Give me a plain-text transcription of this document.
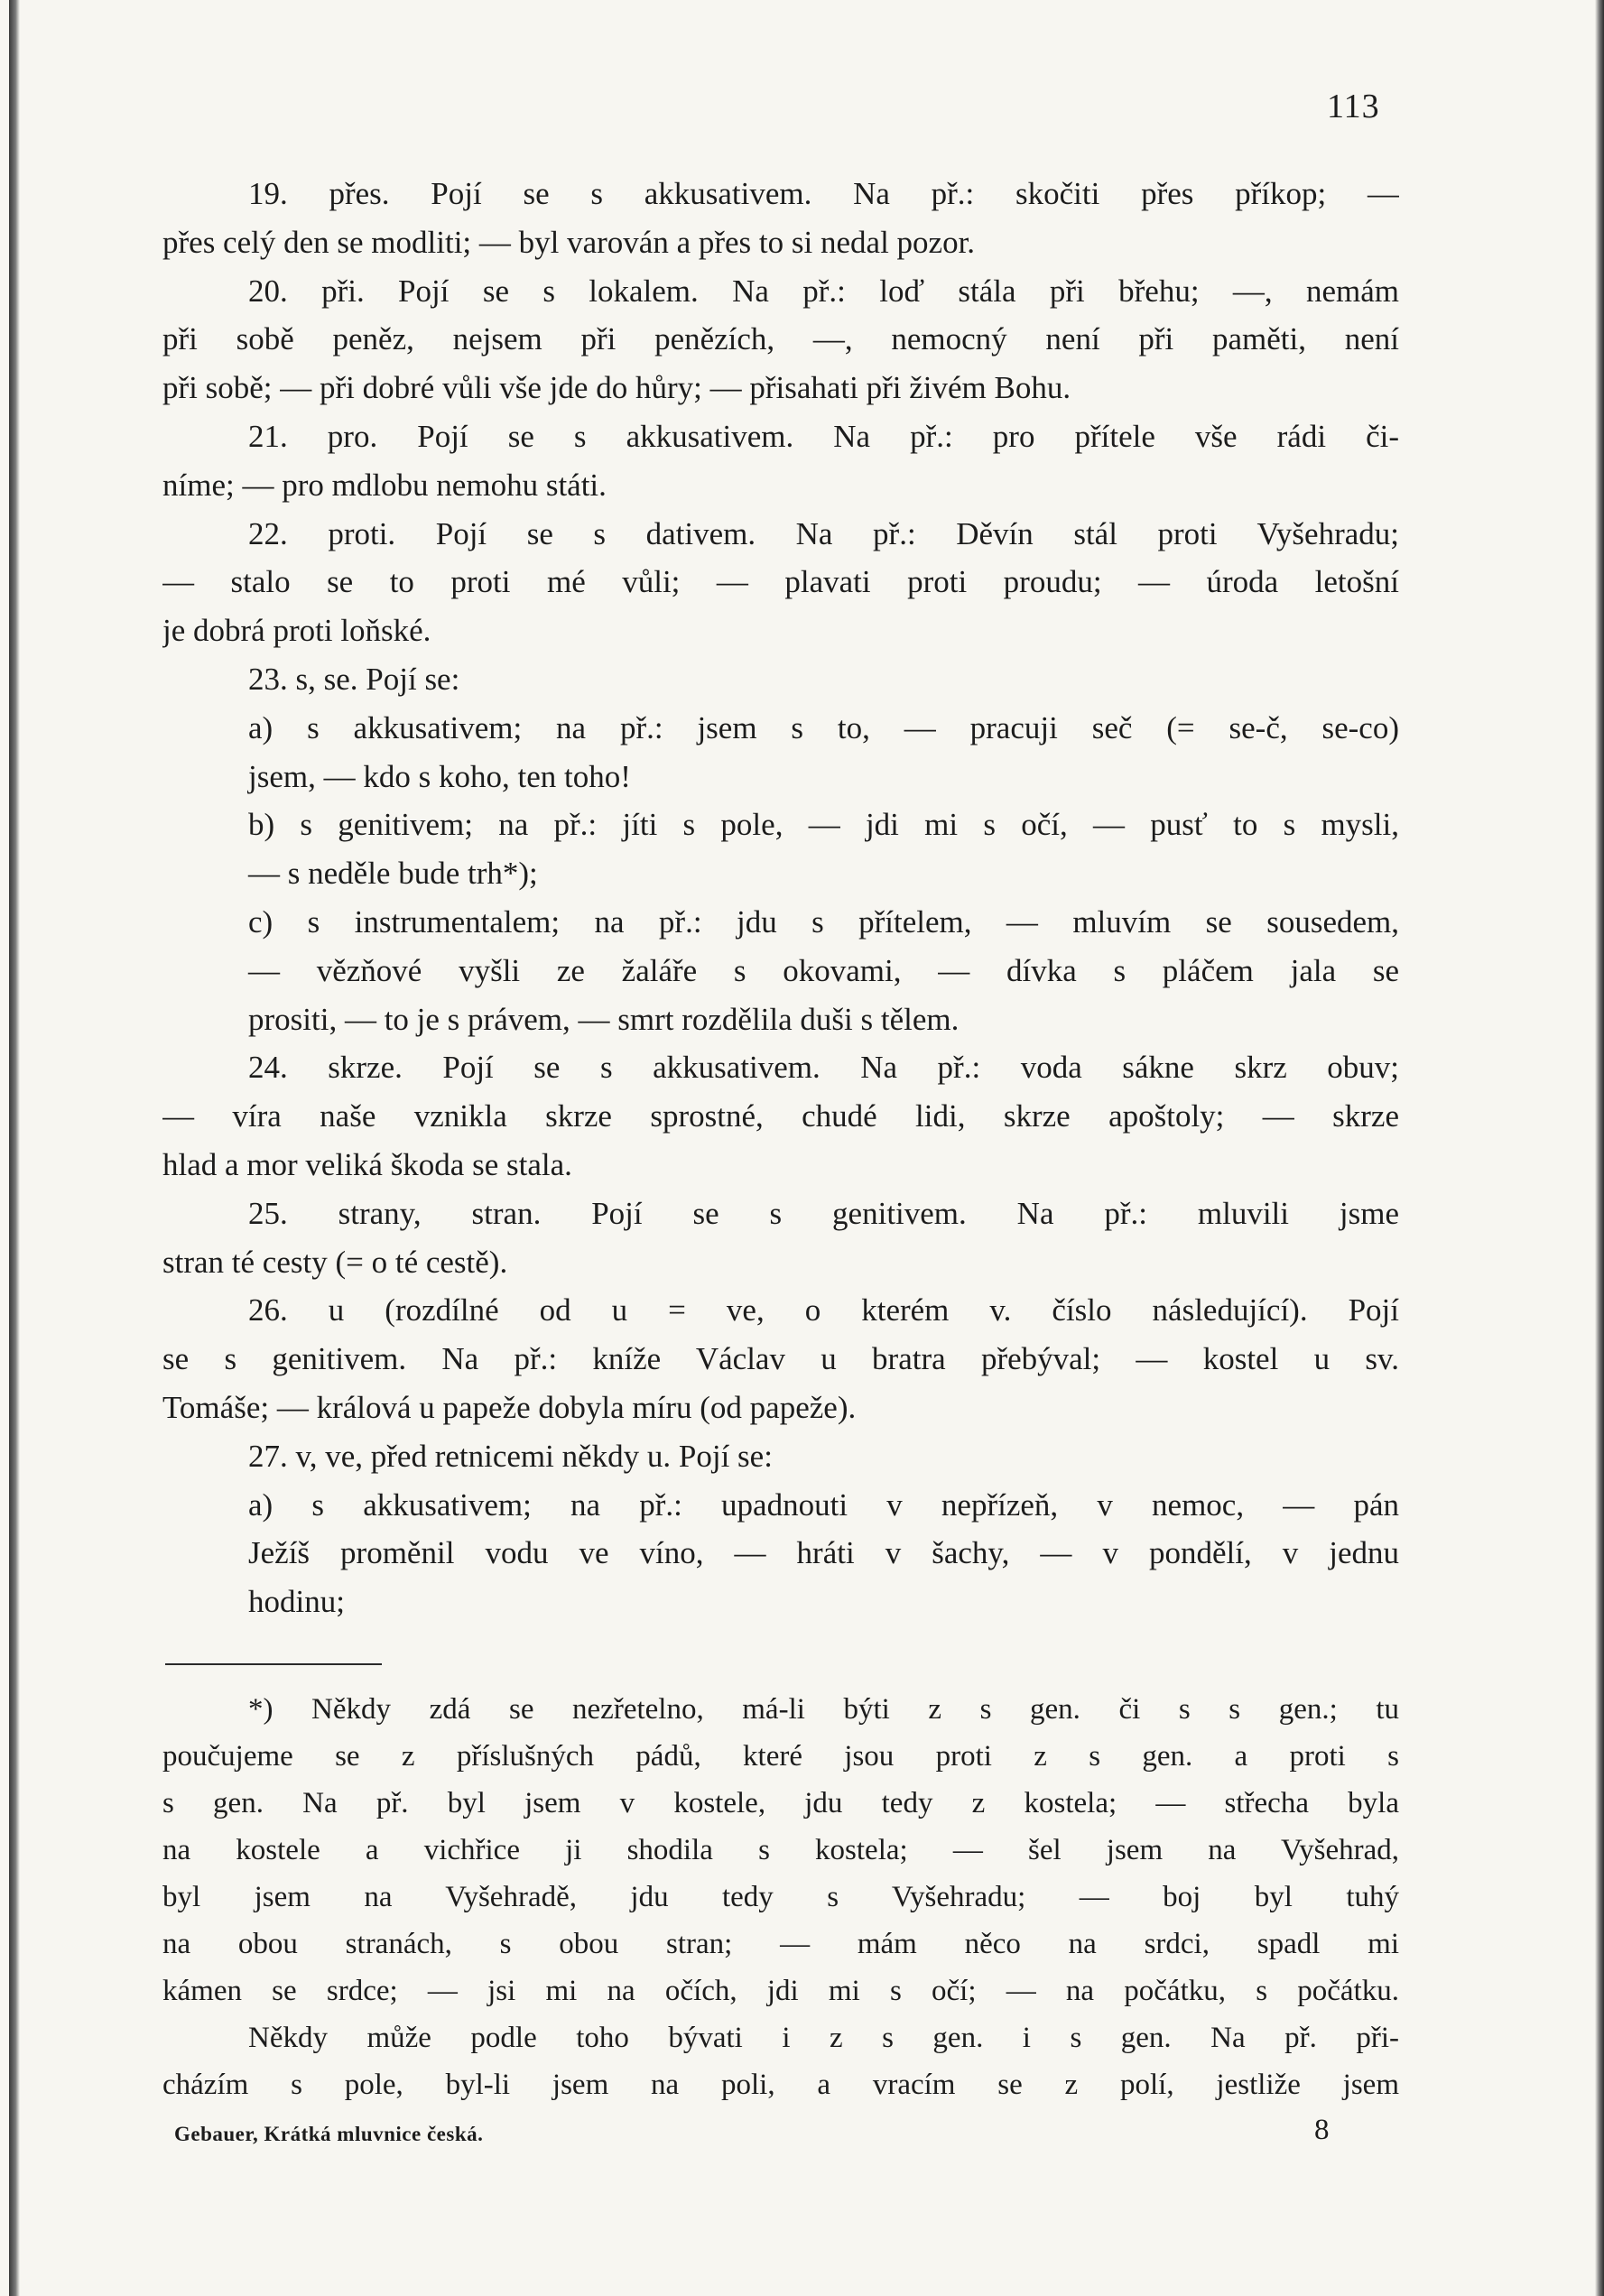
113
19. přes. Pojí se s akkusativem. Na př.: skočiti přes příkop; —
přes celý den se modliti; — byl varován a přes to si nedal pozor.
20. při. Pojí se s lokalem. Na př.: loď stála při břehu; —, nemám
při sobě peněz, nejsem při penězích, —, nemocný není při paměti, není
při sobě; — při dobré vůli vše jde do hůry; — přisahati při živém Bohu.
21. pro. Pojí se s akkusativem. Na př.: pro přítele vše rádi či-
níme; — pro mdlobu nemohu státi.
22. proti. Pojí se s dativem. Na př.: Děvín stál proti Vyšehradu;
— stalo se to proti mé vůli; — plavati proti proudu; — úroda letošní
je dobrá proti loňské.
23. s, se. Pojí se:
a) s akkusativem; na př.: jsem s to, — pracuji seč (= se-č, se-co)
jsem, — kdo s koho, ten toho!
b) s genitivem; na př.: jíti s pole, — jdi mi s očí, — pusť to s mysli,
— s neděle bude trh*);
c) s instrumentalem; na př.: jdu s přítelem, — mluvím se sousedem,
— vězňové vyšli ze žaláře s okovami, — dívka s pláčem jala se
prositi, — to je s právem, — smrt rozdělila duši s tělem.
24. skrze. Pojí se s akkusativem. Na př.: voda sákne skrz obuv;
— víra naše vznikla skrze sprostné, chudé lidi, skrze apoštoly; — skrze
hlad a mor veliká škoda se stala.
25. strany, stran. Pojí se s genitivem. Na př.: mluvili jsme
stran té cesty (= o té cestě).
26. u (rozdílné od u = ve, o kterém v. číslo následující). Pojí
se s genitivem. Na př.: kníže Václav u bratra přebýval; — kostel u sv.
Tomáše; — králová u papeže dobyla míru (od papeže).
27. v, ve, před retnicemi někdy u. Pojí se:
a) s akkusativem; na př.: upadnouti v nepřízeň, v nemoc, — pán
Ježíš proměnil vodu ve víno, — hráti v šachy, — v pondělí, v jednu
hodinu;
*) Někdy zdá se nezřetelno, má-li býti z s gen. či s s gen.; tu
poučujeme se z příslušných pádů, které jsou proti z s gen. a proti s
s gen. Na př. byl jsem v kostele, jdu tedy z kostela; — střecha byla
na kostele a vichřice ji shodila s kostela; — šel jsem na Vyšehrad,
byl jsem na Vyšehradě, jdu tedy s Vyšehradu; — boj byl tuhý
na obou stranách, s obou stran; — mám něco na srdci, spadl mi
kámen se srdce; — jsi mi na očích, jdi mi s očí; — na počátku, s počátku.
Někdy může podle toho bývati i z s gen. i s gen. Na př. při-
cházím s pole, byl-li jsem na poli, a vracím se z polí, jestliže jsem
Gebauer, Krátká mluvnice česká.	8
